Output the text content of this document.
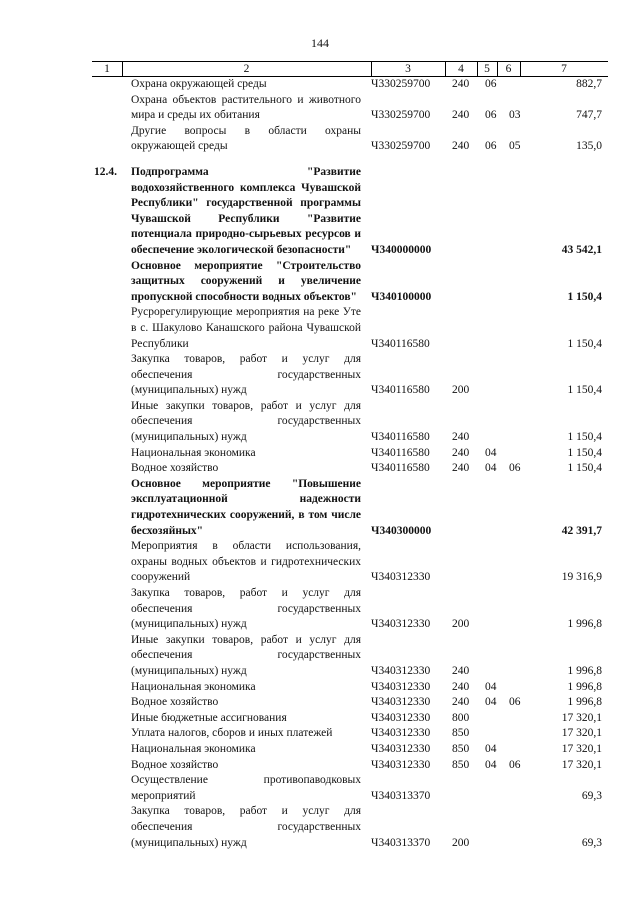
144
1	2	3	4	5	6	7
Охрана окружающей среды	Ч330259700 240 06	882,7
Охрана объектов растительного и животного мира и среды их обитания	Ч330259700 240 06 03	747,7
Другие вопросы в области охраны окружающей среды	Ч330259700 240 06 05	135,0
12.4.	Подпрограмма "Развитие водохозяйственного комплекса Чувашской Республики" государственной программы Чувашской Республики "Развитие потенциала природно-сырьевых ресурсов и обеспечение экологической безопасности"	Ч340000000	43 542,1
Основное мероприятие "Строительство защитных сооружений и увеличение пропускной способности водных объектов"	Ч340100000	1 150,4
Русрорегулирующие мероприятия на реке Уте в с. Шакулово Канашского района Чувашской Республики	Ч340116580	1 150,4
Закупка товаров, работ и услуг для обеспечения государственных (муниципальных) нужд	Ч340116580 200	1 150,4
Иные закупки товаров, работ и услуг для обеспечения государственных (муниципальных) нужд	Ч340116580 240	1 150,4
Национальная экономика	Ч340116580 240 04	1 150,4
Водное хозяйство	Ч340116580 240 04 06	1 150,4
Основное мероприятие "Повышение эксплуатационной надежности гидротехнических сооружений, в том числе бесхозяйных"	Ч340300000	42 391,7
Мероприятия в области использования, охраны водных объектов и гидротехнических сооружений	Ч340312330	19 316,9
Закупка товаров, работ и услуг для обеспечения государственных (муниципальных) нужд	Ч340312330 200	1 996,8
Иные закупки товаров, работ и услуг для обеспечения государственных (муниципальных) нужд	Ч340312330 240	1 996,8
Национальная экономика	Ч340312330 240 04	1 996,8
Водное хозяйство	Ч340312330 240 04 06	1 996,8
Иные бюджетные ассигнования	Ч340312330 800	17 320,1
Уплата налогов, сборов и иных платежей	Ч340312330 850	17 320,1
Национальная экономика	Ч340312330 850 04	17 320,1
Водное хозяйство	Ч340312330 850 04 06	17 320,1
Осуществление противопаводковых мероприятий	Ч340313370	69,3
Закупка товаров, работ и услуг для обеспечения государственных (муниципальных) нужд	Ч340313370 200	69,3
